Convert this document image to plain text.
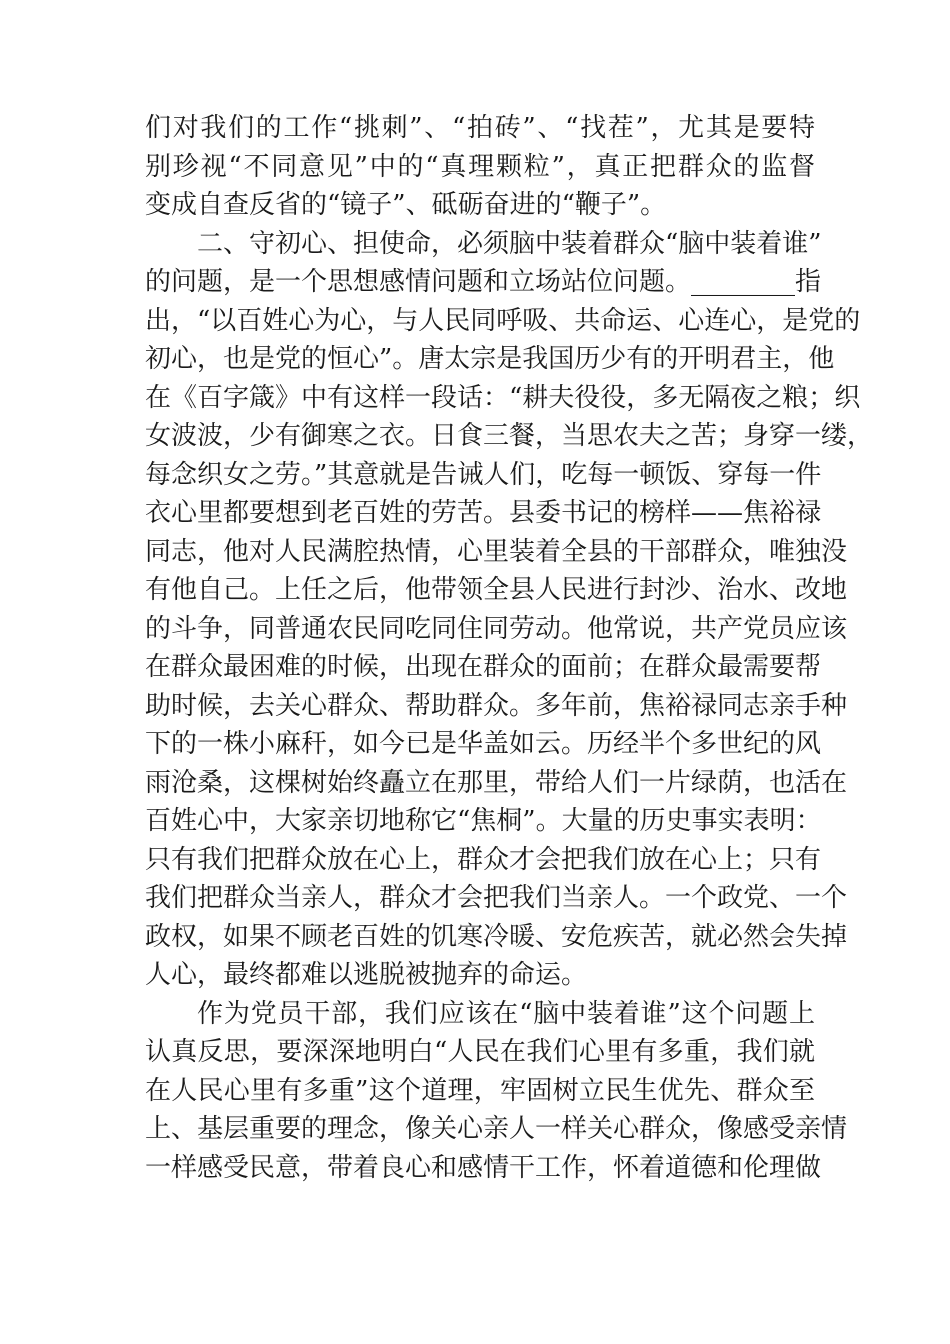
们对我们的工作“挑刺”、“拍砖”、“找茬”，尤其是要特
别珍视“不同意见”中的“真理颗粒”，真正把群众的监督
变成自查反省的“镜子”、砥砺奋进的“鞭子”。
二、守初心、担使命，必须脑中装着群众“脑中装着谁”
的问题，是一个思想感情问题和立场站位问题。________指
出，“以百姓心为心，与人民同呼吸、共命运、心连心，是党的
初心，也是党的恒心”。唐太宗是我国历少有的开明君主，他
在《百字箴》中有这样一段话：“耕夫役役，多无隔夜之粮；织
女波波，少有御寒之衣。日食三餐，当思农夫之苦；身穿一缕，
每念织女之劳。”其意就是告诫人们，吃每一顿饭、穿每一件
衣心里都要想到老百姓的劳苦。县委书记的榜样——焦裕禄
同志，他对人民满腔热情，心里装着全县的干部群众，唯独没
有他自己。上任之后，他带领全县人民进行封沙、治水、改地
的斗争，同普通农民同吃同住同劳动。他常说，共产党员应该
在群众最困难的时候，出现在群众的面前；在群众最需要帮
助时候，去关心群众、帮助群众。多年前，焦裕禄同志亲手种
下的一株小麻秆，如今已是华盖如云。历经半个多世纪的风
雨沧桑，这棵树始终矗立在那里，带给人们一片绿荫，也活在
百姓心中，大家亲切地称它“焦桐”。大量的历史事实表明：
只有我们把群众放在心上，群众才会把我们放在心上；只有
我们把群众当亲人，群众才会把我们当亲人。一个政党、一个
政权，如果不顾老百姓的饥寒冷暖、安危疾苦，就必然会失掉
人心，最终都难以逃脱被抛弃的命运。
作为党员干部，我们应该在“脑中装着谁”这个问题上
认真反思，要深深地明白“人民在我们心里有多重，我们就
在人民心里有多重”这个道理，牢固树立民生优先、群众至
上、基层重要的理念，像关心亲人一样关心群众，像感受亲情
一样感受民意，带着良心和感情干工作，怀着道德和伦理做
